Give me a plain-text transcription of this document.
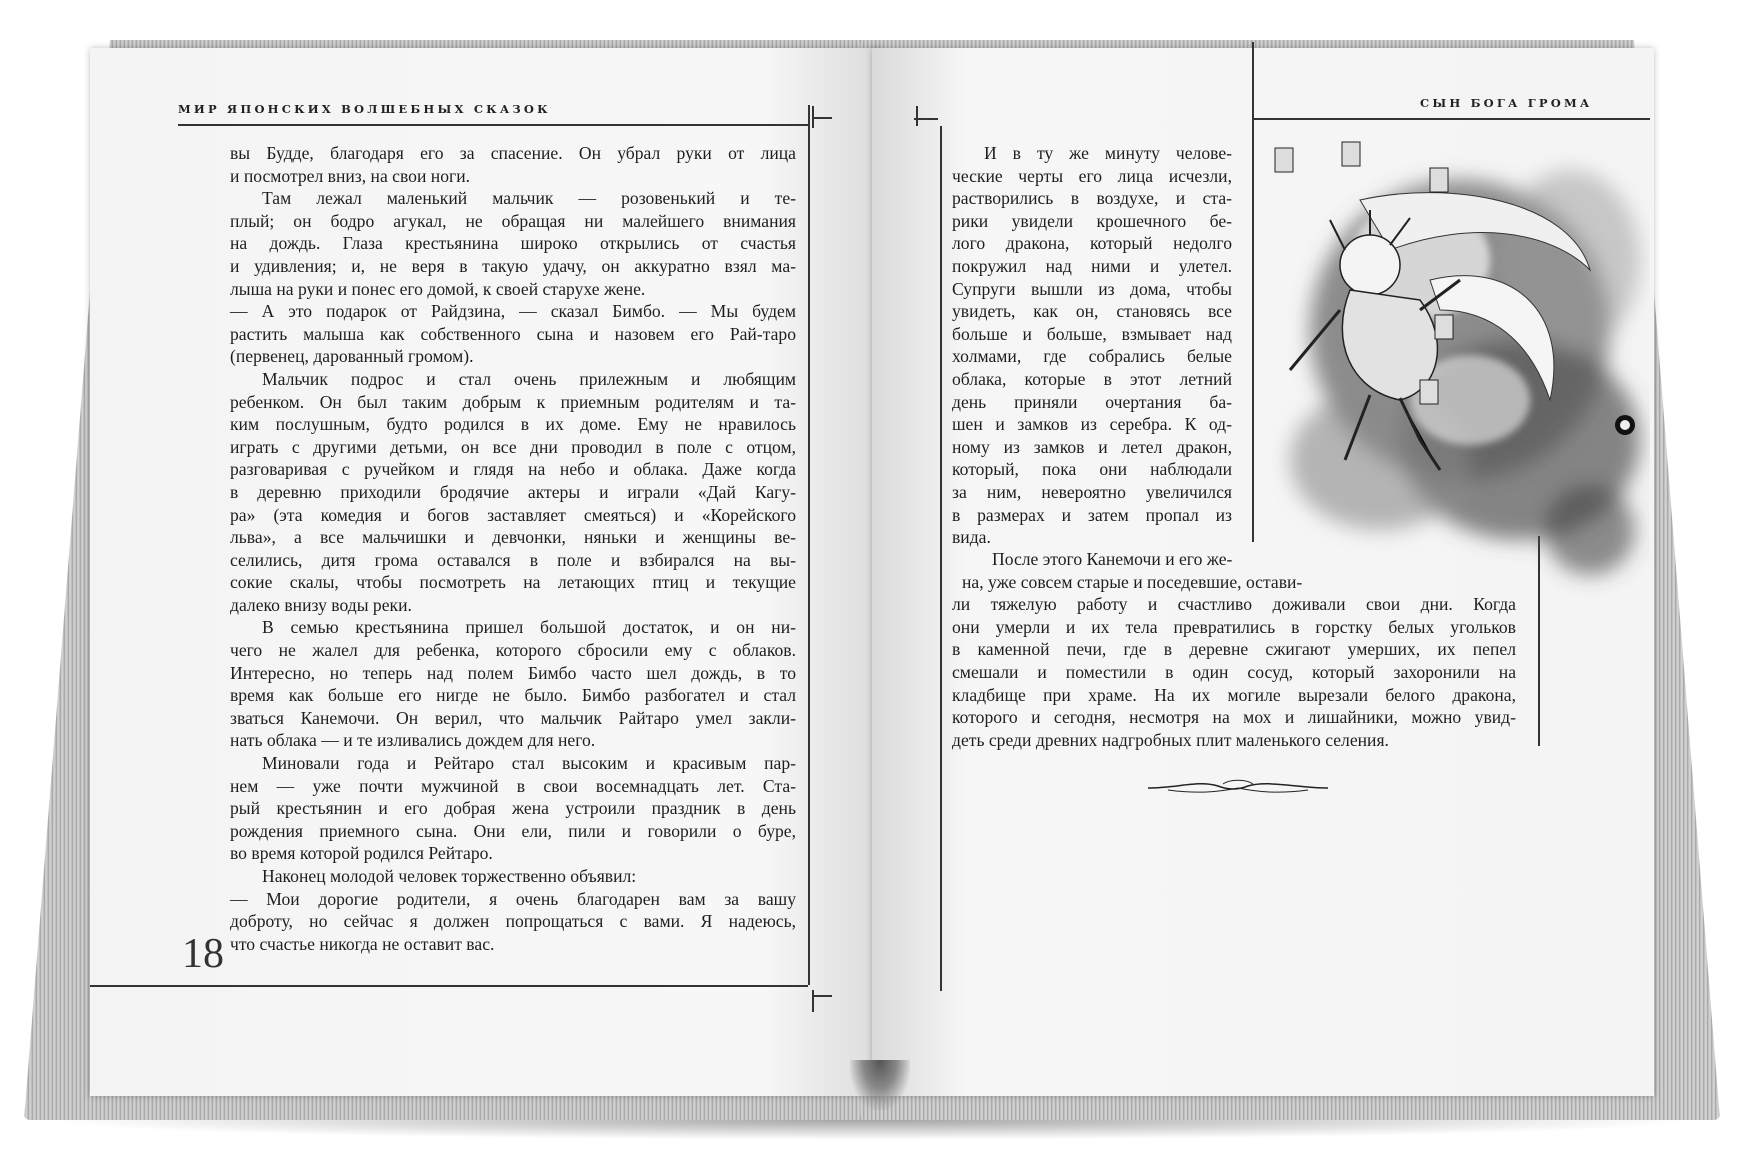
МИР ЯПОНСКИХ ВОЛШЕБНЫХ СКАЗОК
вы Будде, благодаря его за спасение. Он убрал руки от лица
и посмотрел вниз, на свои ноги.
Там лежал маленький мальчик — розовенький и те-
плый; он бодро агукал, не обращая ни малейшего внимания
на дождь. Глаза крестьянина широко открылись от счастья
и удивления; и, не веря в такую удачу, он аккуратно взял ма-
лыша на руки и понес его домой, к своей старухе жене.
— А это подарок от Райдзина, — сказал Бимбо. — Мы будем
растить малыша как собственного сына и назовем его Рай-таро
(первенец, дарованный громом).
Мальчик подрос и стал очень прилежным и любящим
ребенком. Он был таким добрым к приемным родителям и та-
ким послушным, будто родился в их доме. Ему не нравилось
играть с другими детьми, он все дни проводил в поле с отцом,
разговаривая с ручейком и глядя на небо и облака. Даже когда
в деревню приходили бродячие актеры и играли «Дай Кагу-
ра» (эта комедия и богов заставляет смеяться) и «Корейского
льва», а все мальчишки и девчонки, няньки и женщины ве-
селились, дитя грома оставался в поле и взбирался на вы-
сокие скалы, чтобы посмотреть на летающих птиц и текущие
далеко внизу воды реки.
В семью крестьянина пришел большой достаток, и он ни-
чего не жалел для ребенка, которого сбросили ему с облаков.
Интересно, но теперь над полем Бимбо часто шел дождь, в то
время как больше его нигде не было. Бимбо разбогател и стал
зваться Канемочи. Он верил, что мальчик Райтаро умел закли-
нать облака — и те изливались дождем для него.
Миновали года и Рейтаро стал высоким и красивым пар-
нем — уже почти мужчиной в свои восемнадцать лет. Ста-
рый крестьянин и его добрая жена устроили праздник в день
рождения приемного сына. Они ели, пили и говорили о буре,
во время которой родился Рейтаро.
Наконец молодой человек торжественно объявил:
— Мои дорогие родители, я очень благодарен вам за вашу
доброту, но сейчас я должен попрощаться с вами. Я надеюсь,
что счастье никогда не оставит вас.
18
СЫН БОГА ГРОМА
И в ту же минуту челове-
ческие черты его лица исчезли,
растворились в воздухе, и ста-
рики увидели крошечного бе-
лого дракона, который недолго
покружил над ними и улетел.
Супруги вышли из дома, чтобы
увидеть, как он, становясь все
больше и больше, взмывает над
холмами, где собрались белые
облака, которые в этот летний
день приняли очертания ба-
шен и замков из серебра. К од-
ному из замков и летел дракон,
который, пока они наблюдали
за ним, невероятно увеличился
в размерах и затем пропал из
вида.
После этого Канемочи и его же-
на, уже совсем старые и поседевшие, остави-
ли тяжелую работу и счастливо доживали свои дни. Когда
они умерли и их тела превратились в горстку белых угольков
в каменной печи, где в деревне сжигают умерших, их пепел
смешали и поместили в один сосуд, который захоронили на
кладбище при храме. На их могиле вырезали белого дракона,
которого и сегодня, несмотря на мох и лишайники, можно увид-
деть среди древних надгробных плит маленького селения.
